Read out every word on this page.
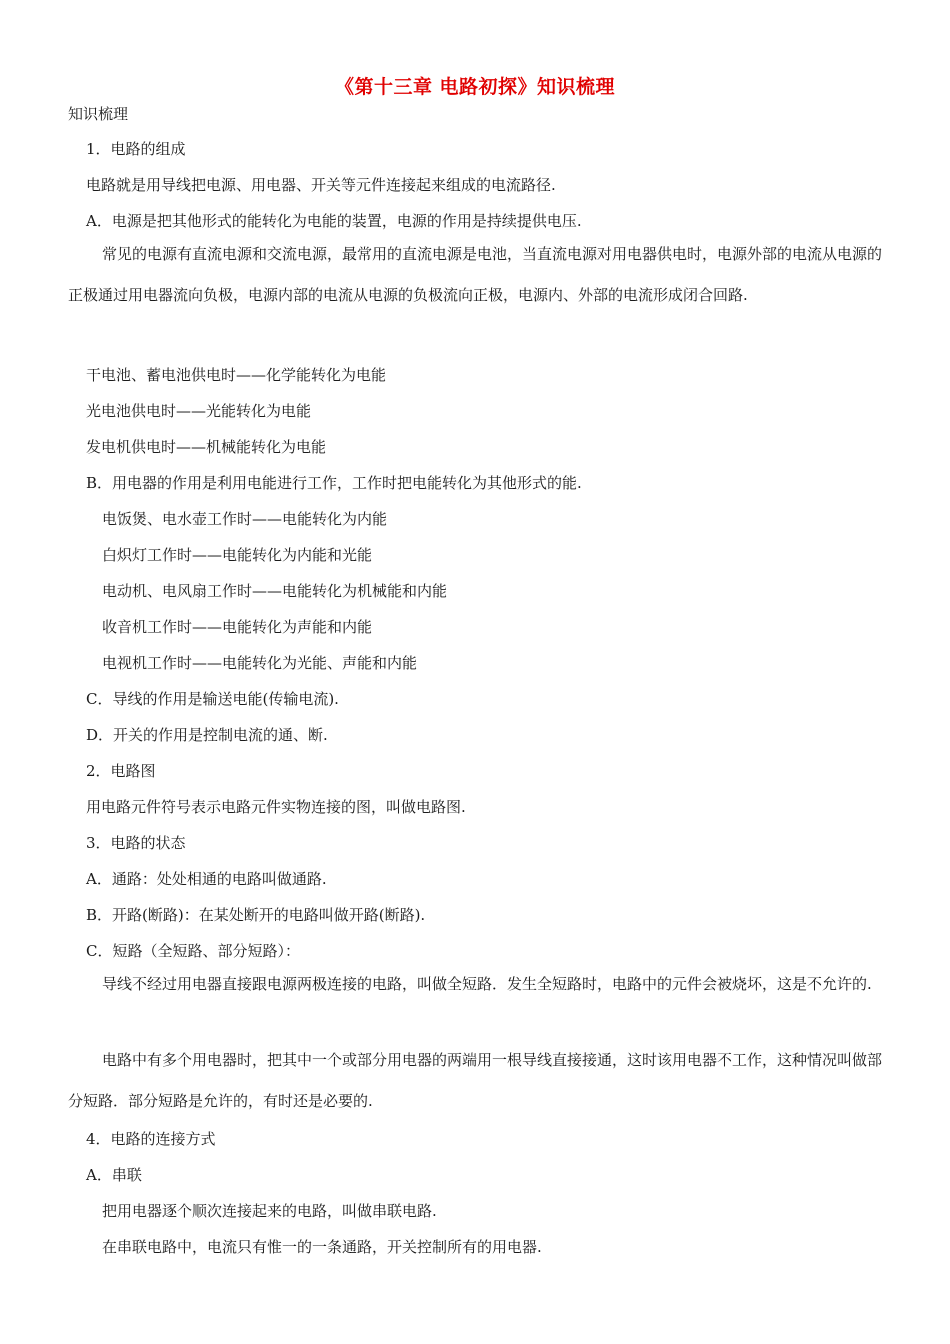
《第十三章 电路初探》知识梳理
知识梳理
1．电路的组成
电路就是用导线把电源、用电器、开关等元件连接起来组成的电流路径.
A．电源是把其他形式的能转化为电能的装置，电源的作用是持续提供电压.
常见的电源有直流电源和交流电源，最常用的直流电源是电池，当直流电源对用电器供电时，电源外部的电流从电源的正极通过用电器流向负极，电源内部的电流从电源的负极流向正极，电源内、外部的电流形成闭合回路.
干电池、蓄电池供电时——化学能转化为电能
光电池供电时——光能转化为电能
发电机供电时——机械能转化为电能
B．用电器的作用是利用电能进行工作，工作时把电能转化为其他形式的能.
电饭煲、电水壶工作时——电能转化为内能
白炽灯工作时——电能转化为内能和光能
电动机、电风扇工作时——电能转化为机械能和内能
收音机工作时——电能转化为声能和内能
电视机工作时——电能转化为光能、声能和内能
C．导线的作用是输送电能(传输电流).
D．开关的作用是控制电流的通、断.
2．电路图
用电路元件符号表示电路元件实物连接的图，叫做电路图.
3．电路的状态
A．通路：处处相通的电路叫做通路.
B．开路(断路)：在某处断开的电路叫做开路(断路).
C．短路（全短路、部分短路）：
导线不经过用电器直接跟电源两极连接的电路，叫做全短路．发生全短路时，电路中的元件会被烧坏，这是不允许的.
电路中有多个用电器时，把其中一个或部分用电器的两端用一根导线直接接通，这时该用电器不工作，这种情况叫做部分短路．部分短路是允许的，有时还是必要的.
4．电路的连接方式
A．串联
把用电器逐个顺次连接起来的电路，叫做串联电路.
在串联电路中，电流只有惟一的一条通路，开关控制所有的用电器.
